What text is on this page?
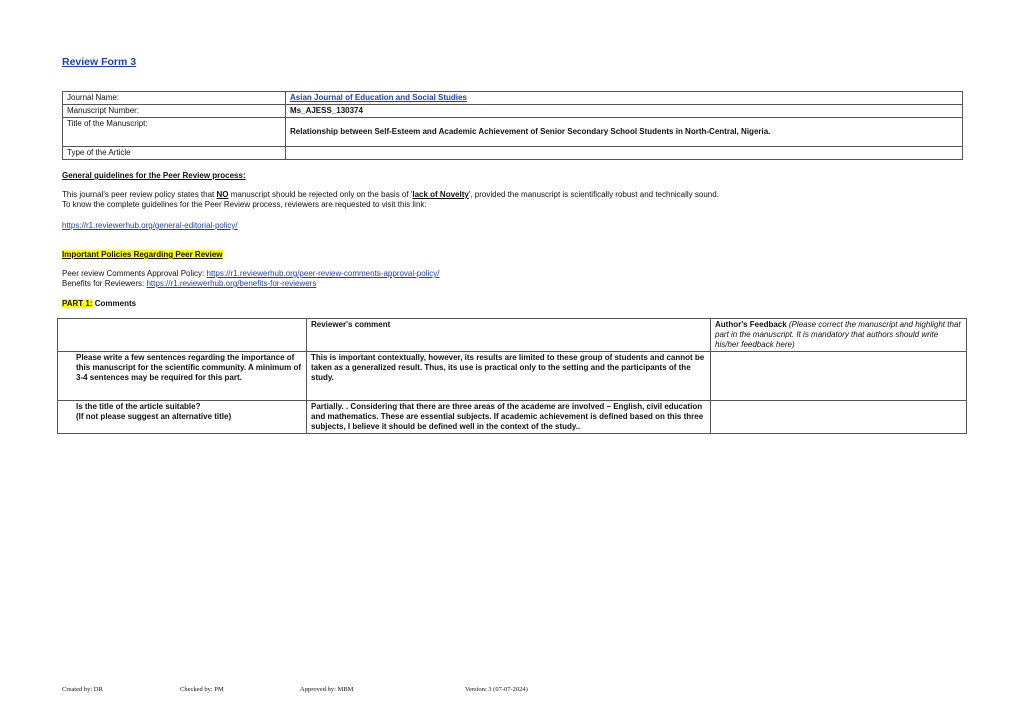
Review Form 3
Journal Name:	Asian Journal of Education and Social Studies
Manuscript Number:	Ms_AJESS_130374
Title of the Manuscript:	Relationship between Self-Esteem and Academic Achievement of Senior Secondary School Students in North-Central, Nigeria.
Type of the Article	
General guidelines for the Peer Review process:
This journal's peer review policy states that NO manuscript should be rejected only on the basis of 'lack of Novelty', provided the manuscript is scientifically robust and technically sound.
To know the complete guidelines for the Peer Review process, reviewers are requested to visit this link:
https://r1.reviewerhub.org/general-editorial-policy/
Important Policies Regarding Peer Review
Peer review Comments Approval Policy: https://r1.reviewerhub.org/peer-review-comments-approval-policy/
Benefits for Reviewers: https://r1.reviewerhub.org/benefits-for-reviewers
PART 1: Comments
	Reviewer's comment	Author's Feedback (Please correct the manuscript and highlight that part in the manuscript. It is mandatory that authors should write his/her feedback here)
Please write a few sentences regarding the importance of this manuscript for the scientific community. A minimum of 3-4 sentences may be required for this part.	This is important contextually, however, its results are limited to these group of students and cannot be taken as a generalized result. Thus, its use is practical only to the setting and the participants of the study.	
Is the title of the article suitable?
(If not please suggest an alternative title)	Partially. . Considering that there are three areas of the academe are involved – English, civil education and mathematics. These are essential subjects. If academic achievement is defined based on this three subjects, I believe it should be defined well in the context of the study..	
Created by: DR	Checked by: PM	Approved by: MBM	Version: 3 (07-07-2024)
